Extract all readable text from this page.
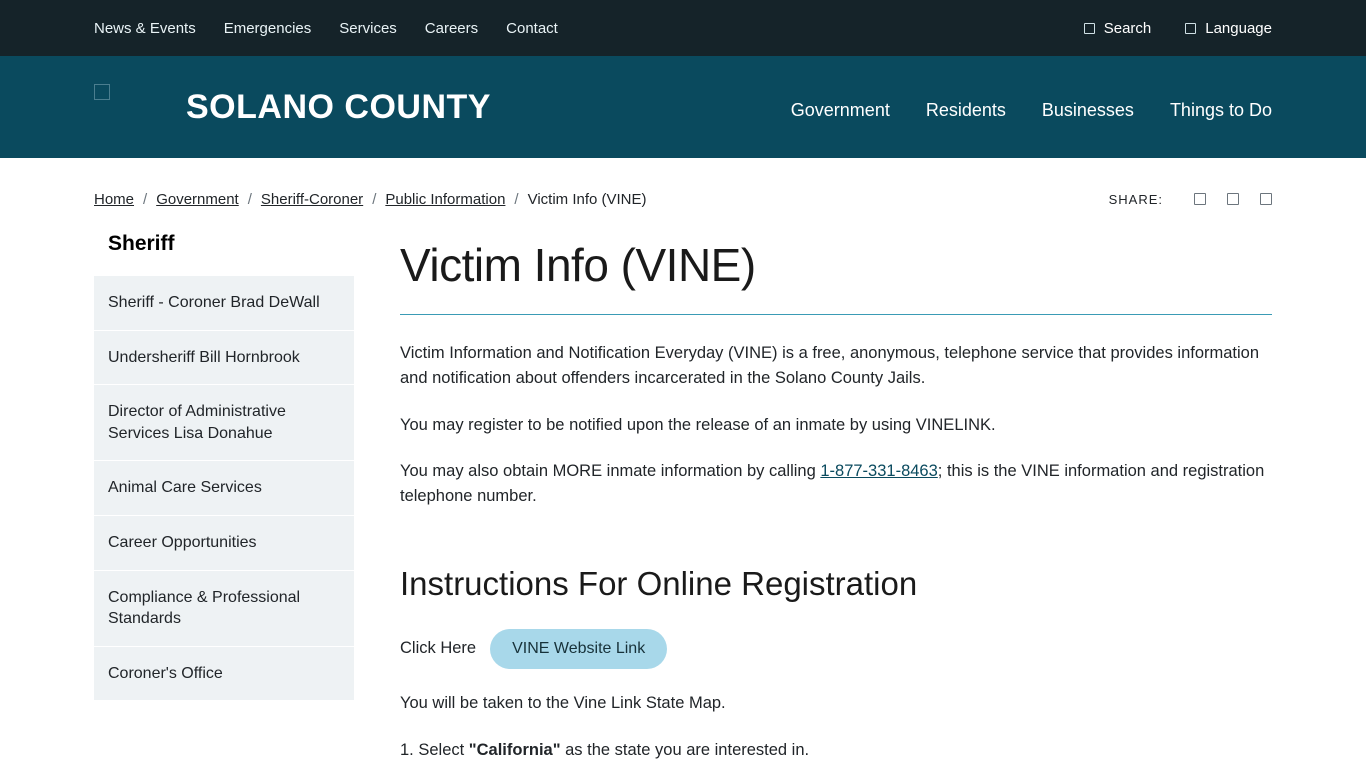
News & Events Emergencies Services Careers Contact	Search	Language
SOLANO COUNTY	Government Residents Businesses Things to Do
Home / Government / Sheriff-Coroner / Public Information / Victim Info (VINE)	SHARE:
Sheriff
Sheriff - Coroner Brad DeWall
Undersheriff Bill Hornbrook
Director of Administrative Services Lisa Donahue
Animal Care Services
Career Opportunities
Compliance & Professional Standards
Coroner's Office
Victim Info (VINE)

Victim Information and Notification Everyday (VINE) is a free, anonymous, telephone service that provides information and notification about offenders incarcerated in the Solano County Jails.

You may register to be notified upon the release of an inmate by using VINELINK.

You may also obtain MORE inmate information by calling 1-877-331-8463; this is the VINE information and registration telephone number.

Instructions For Online Registration
Click Here	VINE Website Link

You will be taken to the Vine Link State Map.

1. Select "California" as the state you are interested in.
